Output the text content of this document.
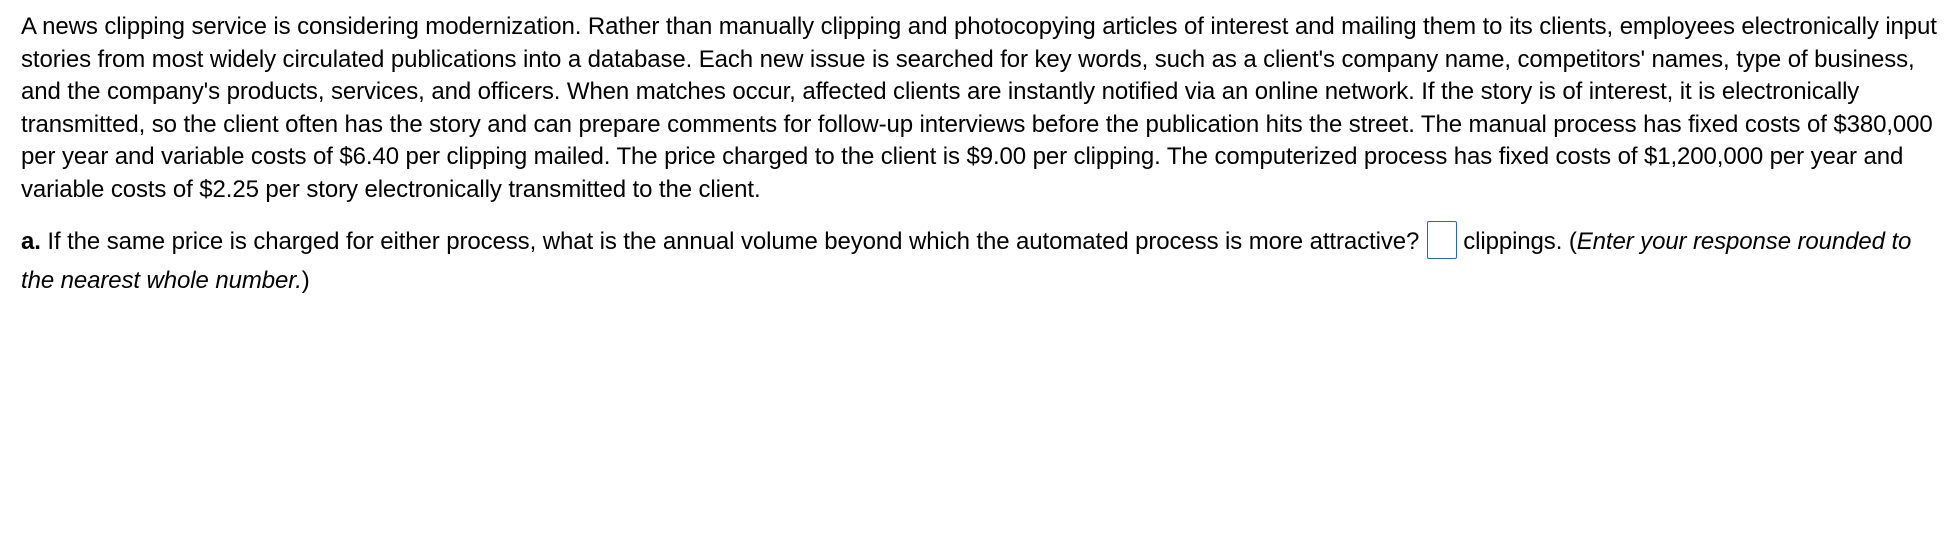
A news clipping service is considering modernization. Rather than manually clipping and photocopying articles of interest and mailing them to its clients, employees electronically input stories from most widely circulated publications into a database. Each new issue is searched for key words, such as a client's company name, competitors' names, type of business, and the company's products, services, and officers. When matches occur, affected clients are instantly notified via an online network. If the story is of interest, it is electronically transmitted, so the client often has the story and can prepare comments for follow-up interviews before the publication hits the street. The manual process has fixed costs of $380,000 per year and variable costs of $6.40 per clipping mailed. The price charged to the client is $9.00 per clipping. The computerized process has fixed costs of $1,200,000 per year and variable costs of $2.25 per story electronically transmitted to the client.

a. If the same price is charged for either process, what is the annual volume beyond which the automated process is more attractive? clippings. (Enter your response rounded to the nearest whole number.)
